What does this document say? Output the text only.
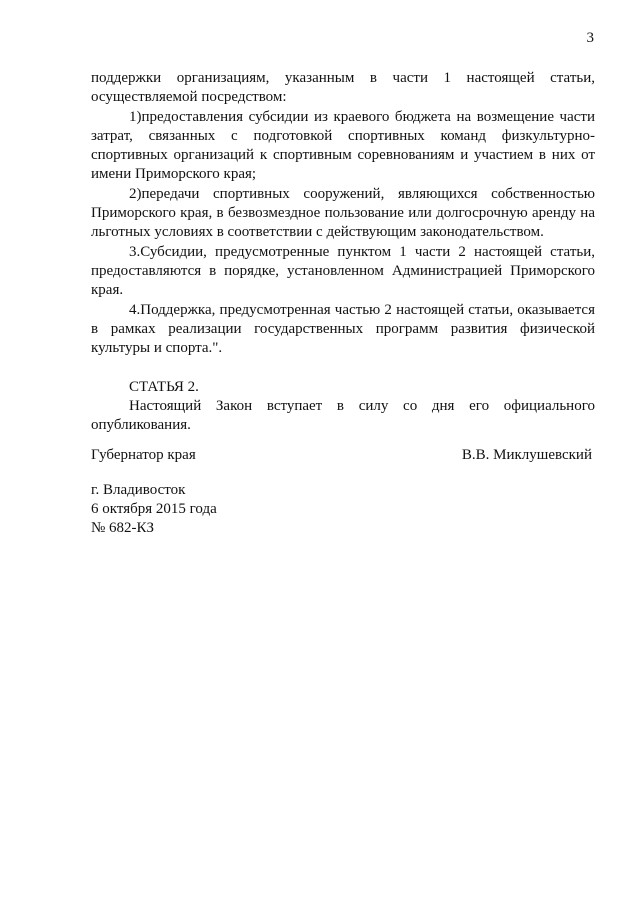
3

поддержки организациям, указанным в части 1 настоящей статьи, осуществляемой посредством:

1)предоставления субсидии из краевого бюджета на возмещение части затрат, связанных с подготовкой спортивных команд физкультурно-спортивных организаций к спортивным соревнованиям и участием в них от имени Приморского края;

2)передачи спортивных сооружений, являющихся собственностью Приморского края, в безвозмездное пользование или долгосрочную аренду на льготных условиях в соответствии с действующим законодательством.

3.Субсидии, предусмотренные пунктом 1 части 2 настоящей статьи, предоставляются в порядке, установленном Администрацией Приморского края.

4.Поддержка, предусмотренная частью 2 настоящей статьи, оказывается в рамках реализации государственных программ развития физической культуры и спорта.".

СТАТЬЯ 2.

Настоящий Закон вступает в силу со дня его официального опубликования.

Губернатор края	В.В. Миклушевский
г. Владивосток
6 октября 2015 года
№ 682-КЗ
